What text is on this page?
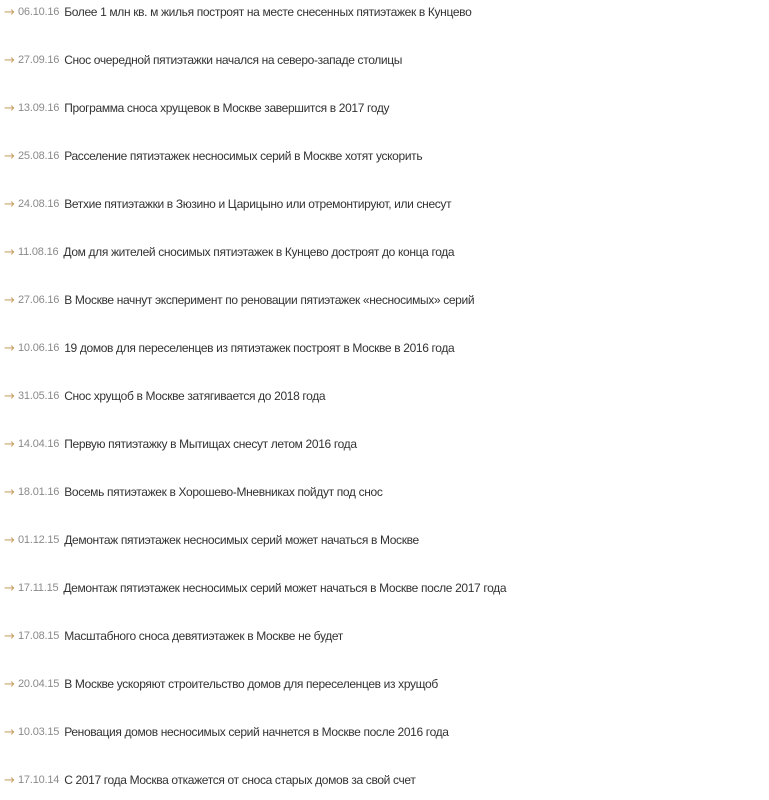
→ 06.10.16 Более 1 млн кв. м жилья построят на месте снесенных пятиэтажек в Кунцево
→ 27.09.16 Снос очередной пятиэтажки начался на северо-западе столицы
→ 13.09.16 Программа сноса хрущевок в Москве завершится в 2017 году
→ 25.08.16 Расселение пятиэтажек несносимых серий в Москве хотят ускорить
→ 24.08.16 Ветхие пятиэтажки в Зюзино и Царицыно или отремонтируют, или снесут
→ 11.08.16 Дом для жителей сносимых пятиэтажек в Кунцево достроят до конца года
→ 27.06.16 В Москве начнут эксперимент по реновации пятиэтажек «несносимых» серий
→ 10.06.16 19 домов для переселенцев из пятиэтажек построят в Москве в 2016 года
→ 31.05.16 Снос хрущоб в Москве затягивается до 2018 года
→ 14.04.16 Первую пятиэтажку в Мытищах снесут летом 2016 года
→ 18.01.16 Восемь пятиэтажек в Хорошево-Мневниках пойдут под снос
→ 01.12.15 Демонтаж пятиэтажек несносимых серий может начаться в Москве
→ 17.11.15 Демонтаж пятиэтажек несносимых серий может начаться в Москве после 2017 года
→ 17.08.15 Масштабного сноса девятиэтажек в Москве не будет
→ 20.04.15 В Москве ускоряют строительство домов для переселенцев из хрущоб
→ 10.03.15 Реновация домов несносимых серий начнется в Москве после 2016 года
→ 17.10.14 С 2017 года Москва откажется от сноса старых домов за свой счет
